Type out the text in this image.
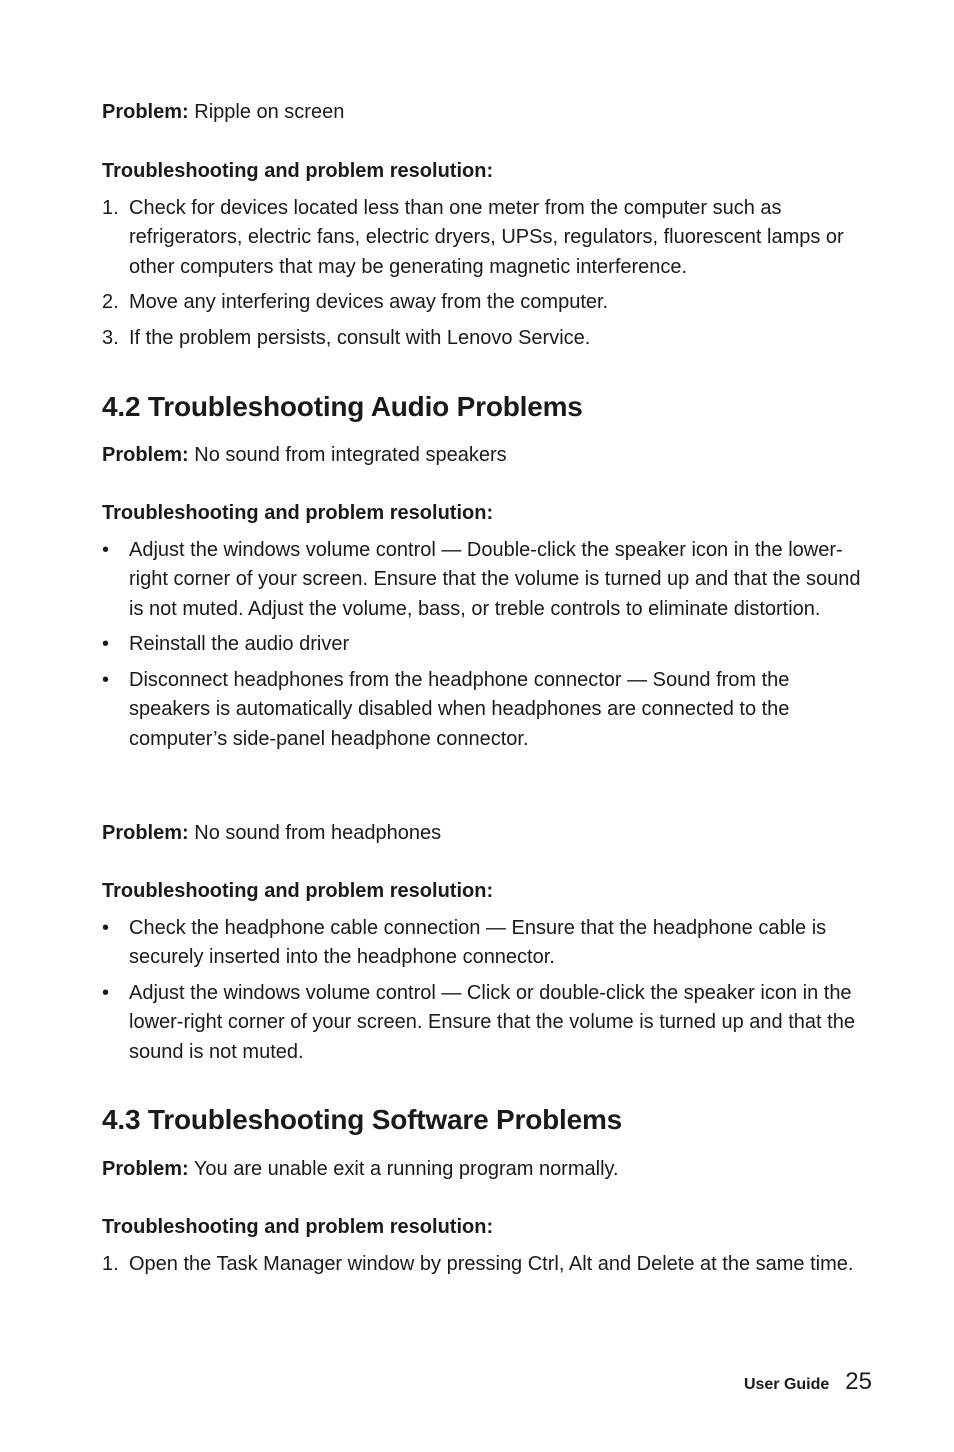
Problem: Ripple on screen

Troubleshooting and problem resolution:

1. Check for devices located less than one meter from the computer such as refrigerators, electric fans, electric dryers, UPSs, regulators, fluorescent lamps or other computers that may be generating magnetic interference.
2. Move any interfering devices away from the computer.
3. If the problem persists, consult with Lenovo Service.
4.2 Troubleshooting Audio Problems

Problem: No sound from integrated speakers

Troubleshooting and problem resolution:

• Adjust the windows volume control — Double-click the speaker icon in the lower-right corner of your screen. Ensure that the volume is turned up and that the sound is not muted. Adjust the volume, bass, or treble controls to eliminate distortion.
• Reinstall the audio driver
• Disconnect headphones from the headphone connector — Sound from the speakers is automatically disabled when headphones are connected to the computer’s side-panel headphone connector.

Problem: No sound from headphones

Troubleshooting and problem resolution:

• Check the headphone cable connection — Ensure that the headphone cable is securely inserted into the headphone connector.
• Adjust the windows volume control — Click or double-click the speaker icon in the lower-right corner of your screen. Ensure that the volume is turned up and that the sound is not muted.
4.3 Troubleshooting Software Problems

Problem: You are unable exit a running program normally.

Troubleshooting and problem resolution:

1. Open the Task Manager window by pressing Ctrl, Alt and Delete at the same time.
User Guide 25
